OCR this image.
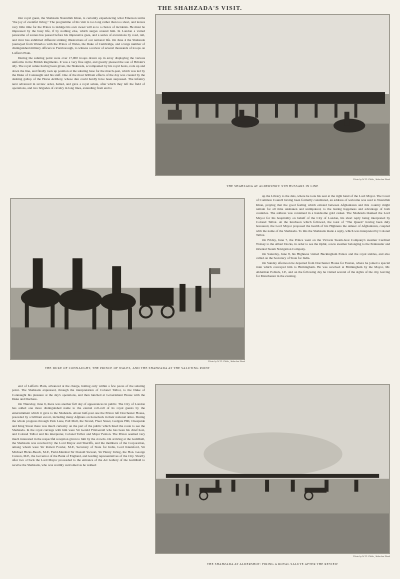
THE SHAHZADA'S VISIT.

Our royal guest, the Shahzada Nasrullah Khan, is certainly experiencing what Emerson terms "the joy of eventful living." The programme of his visit is too long rather than too short, and leaves very little time for the Prince to indulge his own sweet will as to a choice of incidents. He must be impressed by the busy life, if by nothing else, which surges around him. In London a varied panorama of scenes has passed before his impressive gaze, and a series of excursions by road, rail, and river has exhibited different striking illustrations of our national life. On June 4 the Shahzada journeyed from Waterloo with the Prince of Wales, the Duke of Cambridge, and a large number of distinguished military officers to Farnborough, to witness a review of several thousands of troops on Laffan's Plain.

During the saluting point were over 17,000 troops drawn up in array displaying the various uniforms in the British Regiments. It was a very fine sight, and greatly pleased the son of Britain's ally. The royal salute having been given, the Shahzada, accompanied by his royal hosts, rode up and down the line, and finally took up position at the saluting base for the march-past, which was led by the Duke of Connaught and his staff. One of the most brilliant effects of the day was created by the dashing gallop of the Horse Artillery, whose dun could hardly have been surpassed. The infantry next advanced in review order, halted, and gave a royal salute, after which they left the field of operations, and two brigades of cavalry in long lines, extending from end to

Photo by W. H. Gibbs, Aldershot Road
THE SHAHZADA AT ALDERSHOT: 9TH HUSSARS IN LINE
Photo by W. H. Gibbs, Aldershot Road
THE DUKE OF CONNAUGHT, THE PRINCE OF WALES, AND THE SHAHZADA AT THE SALUTING POINT

up the Library to the dais, where he took his seat at the right hand of the Lord Mayor. The Court of Common Council having been formally constituted, an address of welcome was read to Nasrullah Khan, praying that the good feeling which existed between Afghanistan and this country might remain for all time unshaken and unimpaired, to the lasting happiness and advantage of both countries. The address was contained in a handsome gold casket. The Shahzada thanked the Lord Mayor for his hospitality on behalf of the City of London, his short reply being interpreted by Colonel Talbot. At the luncheon which followed, the toast of "The Queen" having been duly honoured, the Lord Mayor proposed the health of his Highness the Ameer of Afghanistan, coupled with the name of the Shahzada. To this the Shahzada made a reply, which was interpreted by Colonel Talbot.

On Friday, June 7, the Prince went on the Victoria Steam-boat Company's steamer Cardinal Wolsey to the Albert Docks, in order to see the Ophir, a new steamer belonging to the Peninsular and Oriental Steam Navigation Company.

On Saturday, June 8, his Highness visited Buckingham Palace and the royal stables, and also called on the Secretary of State for India.

On Sunday afternoon he departed from Dorchester House for Euston, where he joined a special train which conveyed him to Birmingham. He was received at Birmingham by the Mayor, Mr. Alderman Pollack, J.P., and on the following day he visited several of the sights of the city, leaving for Manchester in the evening.

end of Laffan's Plain, advanced at the charge, halting only within a few paces of the saluting point. The Shahzada expressed, through the interpretation of Colonel Talbot, to the Duke of Connaught his pleasure at the day's operations, and then lunched at Government House with the Duke and Duchess.

On Thursday, June 6, there was another full day of appearances in public. The City of London has added one more distinguished name to the eternal roll-call of its royal guests by the entertainment which it gave to the Shahzada. About half-past one the Prince left Dorchester House, preceded by a brilliant escort, including many Afghans on horseback in their national attire. During the whole progress through Park Lane, Pall Mall, the Strand, Fleet Street, Ludgate Hill, Cheapside and King Street there was much curiosity on the part of the public which lined the route to see the Shahzada. In the royal carriage with him were Sir Gerald FitzGerald who has been his chief host, and Colonel Talbot and his interpreter, Colonel Talbot and Major Fenton. The Prince seemed very much interested in the respectful reception given to him by the crowds. On arriving at the Guildhall, the Shahzada was received by the Lord Mayor and Sheriffs, and the members of the Corporation, among whom were Sir Robert Fowler, M.P., Secretary of State for India, Lord Knutsford, Sir Michael Hicks-Beach, M.P., Field-Marshal Sir Donald Stewart, Sir Henry Irving, the Hon. George Curzon, M.P., the Governor of the Bank of England, and leading representatives of the City. Shortly after two o'clock the Lord Mayor proceeded to the entrance of the Art Gallery of the Guildhall to receive the Shahzada, who was warmly welcomed as he walked

Photo by W. H. Gibbs, Aldershot Road
THE SHAHZADA AT ALDERSHOT: FIRING A ROYAL SALUTE AFTER THE REVIEW
